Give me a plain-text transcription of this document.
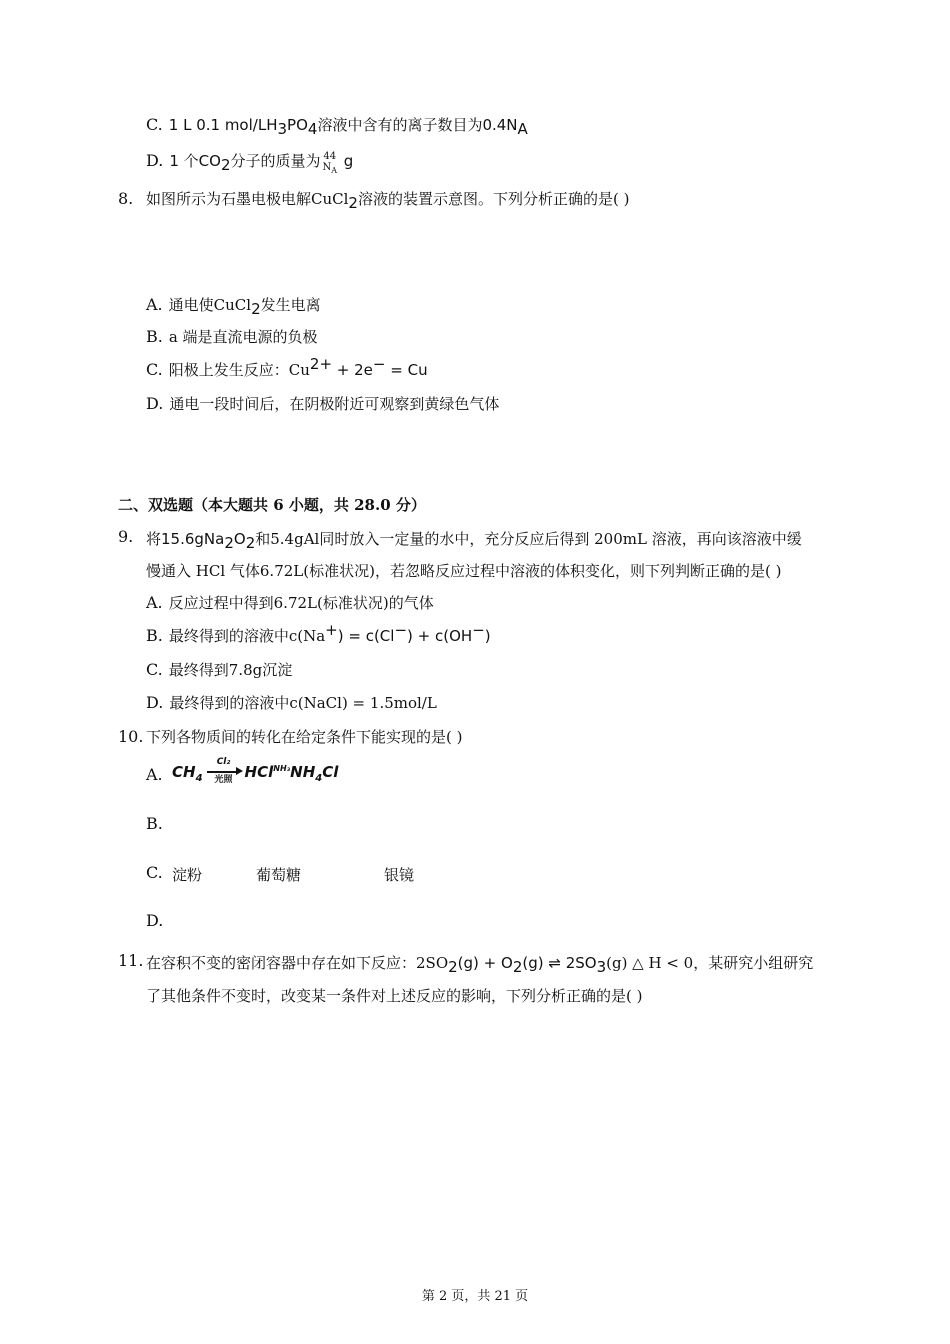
C. 1 L 0.1 mol/$LH_3PO_4$溶液中含有的离子数目为$0.4N_A$
D. 1 个$CO_2$分子的质量为 44
$N_A$
g
8. 如图所示为石墨电极电解CuCl$_2$溶液的装置示意图。下列分析正确的是( )
A. 通电使CuCl$_2$发生电离
B. a 端是直流电源的负极
C. 阳极上发生反应：$Cu^{2+} + 2e^- = Cu$
D. 通电一段时间后，在阴极附近可观察到黄绿色气体
二、双选题（本大题共 6 小题，共 28.0 分）
9. 将$15.6gNa_2O_2$和5.4gAl同时放入一定量的水中，充分反应后得到 200mL 溶液，再向该溶液中缓
慢通入 HCl 气体6.72L(标准状况)，若忽略反应过程中溶液的体积变化，则下列判断正确的是( )
A. 反应过程中得到6.72L(标准状况)的气体
B. 最终得到的溶液中c(Na+) = c(Cl−) + c(OH−)
C. 最终得到7.8g沉淀
D. 最终得到的溶液中c(NaCl) = 1.5mol/L
10. 下列各物质间的转化在给定条件下能实现的是( )
A. $CH_4$
Cl₂
光照 $HCl^{NH_3}NH_4Cl$
B.
C. 淀粉	葡萄糖	银镜
D.
11. 在容积不变的密闭容器中存在如下反应：$2SO_2(g) + O_2(g)$ ⇌ $2SO_3(g)$ △ H < 0，某研究小组研究
了其他条件不变时，改变某一条件对上述反应的影响，下列分析正确的是( )
第 2 页，共 21 页
